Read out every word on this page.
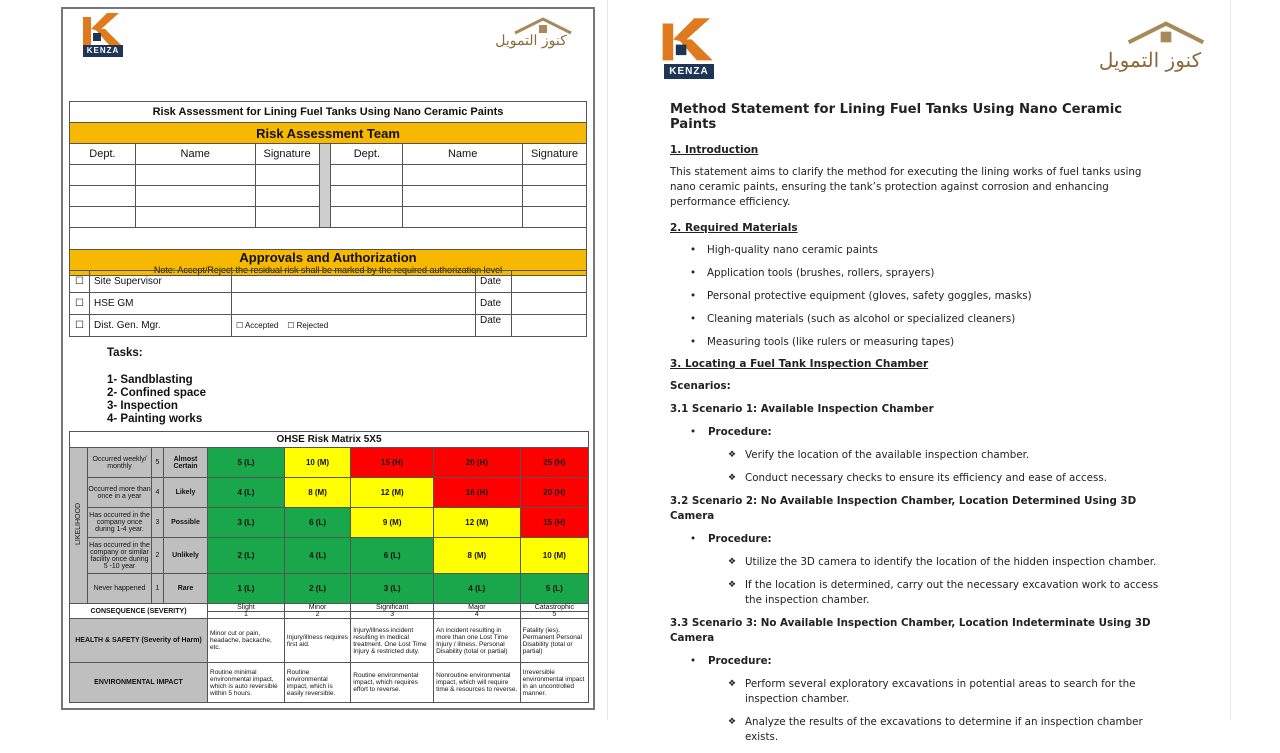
KENZA
كنوز التمويل
Risk Assessment for Lining Fuel Tanks Using Nano Ceramic Paints						
Risk Assessment Team						
Dept.	Name	Signature		Dept.	Name	Signature

Approvals and Authorization
Note: Accept/Reject the residual risk shall be marked by the required authorization level						
☐	Site Supervisor		Date	
☐	HSE GM		Date	
☐	Dist. Gen. Mgr.	☐ Accepted ☐ Rejected	Date	
Tasks:
1- Sandblasting
2- Confined space
3- Inspection
4- Painting works
OHSE Risk Matrix 5X5								
LIKELIHOOD	Occurred weekly/ monthly	5	Almost Certain	5 (L)	10 (M)	15 (H)	20 (H)	25 (H)
	Occurred more than once in a year	4	Likely	4 (L)	8 (M)	12 (M)	16 (H)	20 (H)
	Has occurred in the company once during 1-4 year.	3	Possible	3 (L)	6 (L)	9 (M)	12 (M)	15 (H)
	Has occurred in the company or similar facility once during 5 -10 year	2	Unlikely	2 (L)	4 (L)	6 (L)	8 (M)	10 (M)
	Never happened	1	Rare	1 (L)	2 (L)	3 (L)	4 (L)	5 (L)
CONSEQUENCE (SEVERITY)				Slight	Minor	Significant	Major	Catastrophic
				1	2	3	4	5
HEALTH & SAFETY (Severity of Harm)				Minor cut or pain, headache, backache, etc.	Injury/illness requires first aid.	Injury/illness incident resulting in medical treatment. One Lost Time Injury & restricted duty.	An incident resulting in more than one Lost Time Injury / illness. Personal Disability (total or partial)	Fatality (ies). Permanent Personal Disability (total or partial)
ENVIRONMENTAL IMPACT				Routine minimal environmental impact, which is auto reversible within 5 hours.	Routine environmental impact, which is easily reversible.	Routine environmental impact, which requires effort to reverse.	Nonroutine environmental impact, which will require time & resources to reverse.	Irreversible environmental impact in an uncontrolled manner.
KENZA	كنوز التمويل
Method Statement for Lining Fuel Tanks Using Nano Ceramic Paints
1. Introduction

This statement aims to clarify the method for executing the lining works of fuel tanks using nano ceramic paints, ensuring the tank’s protection against corrosion and enhancing performance efficiency.

2. Required Materials
• High-quality nano ceramic paints
• Application tools (brushes, rollers, sprayers)
• Personal protective equipment (gloves, safety goggles, masks)
• Cleaning materials (such as alcohol or specialized cleaners)
• Measuring tools (like rulers or measuring tapes)
3. Locating a Fuel Tank Inspection Chamber
Scenarios:
3.1 Scenario 1: Available Inspection Chamber
• Procedure:
❖ Verify the location of the available inspection chamber.
❖ Conduct necessary checks to ensure its efficiency and ease of access.
3.2 Scenario 2: No Available Inspection Chamber, Location Determined Using 3D Camera
• Procedure:
❖ Utilize the 3D camera to identify the location of the hidden inspection chamber.
❖ If the location is determined, carry out the necessary excavation work to access the inspection chamber.
3.3 Scenario 3: No Available Inspection Chamber, Location Indeterminate Using 3D Camera
• Procedure:
❖ Perform several exploratory excavations in potential areas to search for the inspection chamber.
❖ Analyze the results of the excavations to determine if an inspection chamber exists.
